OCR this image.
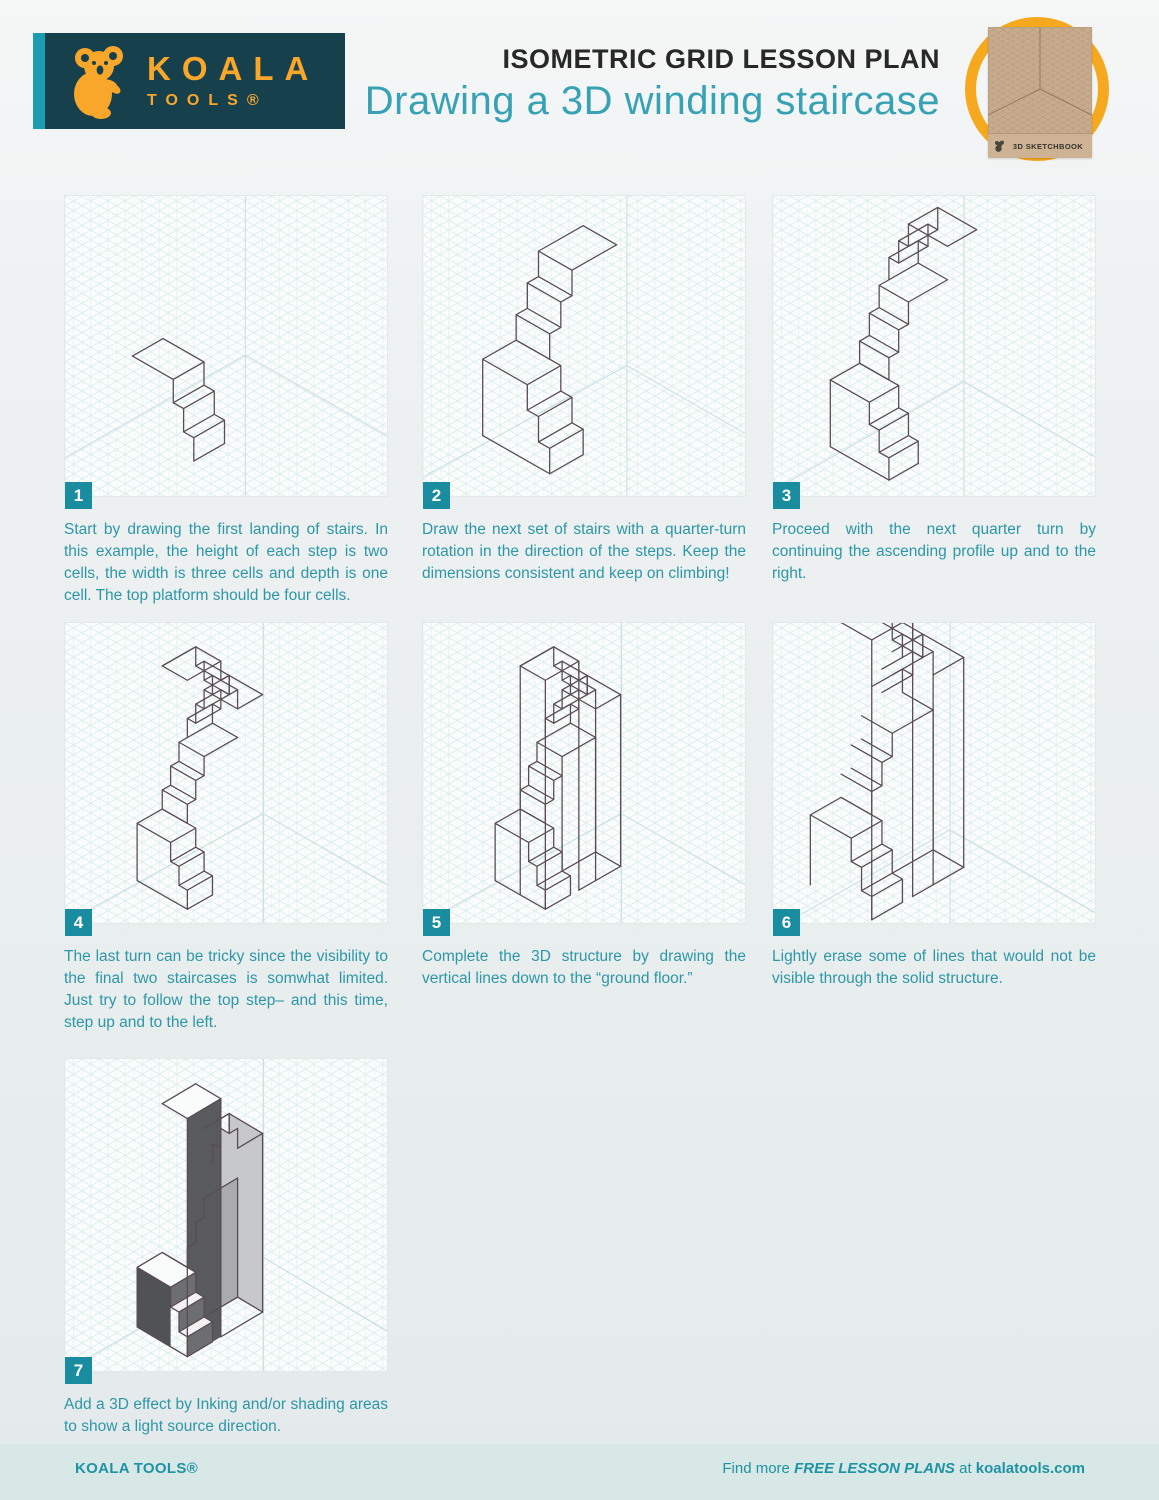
KOALA
TOOLS®
ISOMETRIC GRID LESSON PLAN
Drawing a 3D winding staircase
3D SKETCHBOOK
1
Start by drawing the first landing of stairs. In this example, the height of each step is two cells, the width is three cells and depth is one cell. The top platform should be four cells.
2
Draw the next set of stairs with a quarter-turn rotation in the direction of the steps. Keep the dimensions consistent and keep on climbing!
3
Proceed with the next quarter turn by continuing the ascending profile up and to the right.
4
The last turn can be tricky since the visibility to the final two staircases is somwhat limited. Just try to follow the top step– and this time, step up and to the left.
5
Complete the 3D structure by drawing the vertical lines down to the “ground floor.”
6
Lightly erase some of lines that would not be visible through the solid structure.
7
Add a 3D effect by Inking and/or shading areas to show a light source direction.
KOALA TOOLS®	Find more FREE LESSON PLANS at koalatools.com
